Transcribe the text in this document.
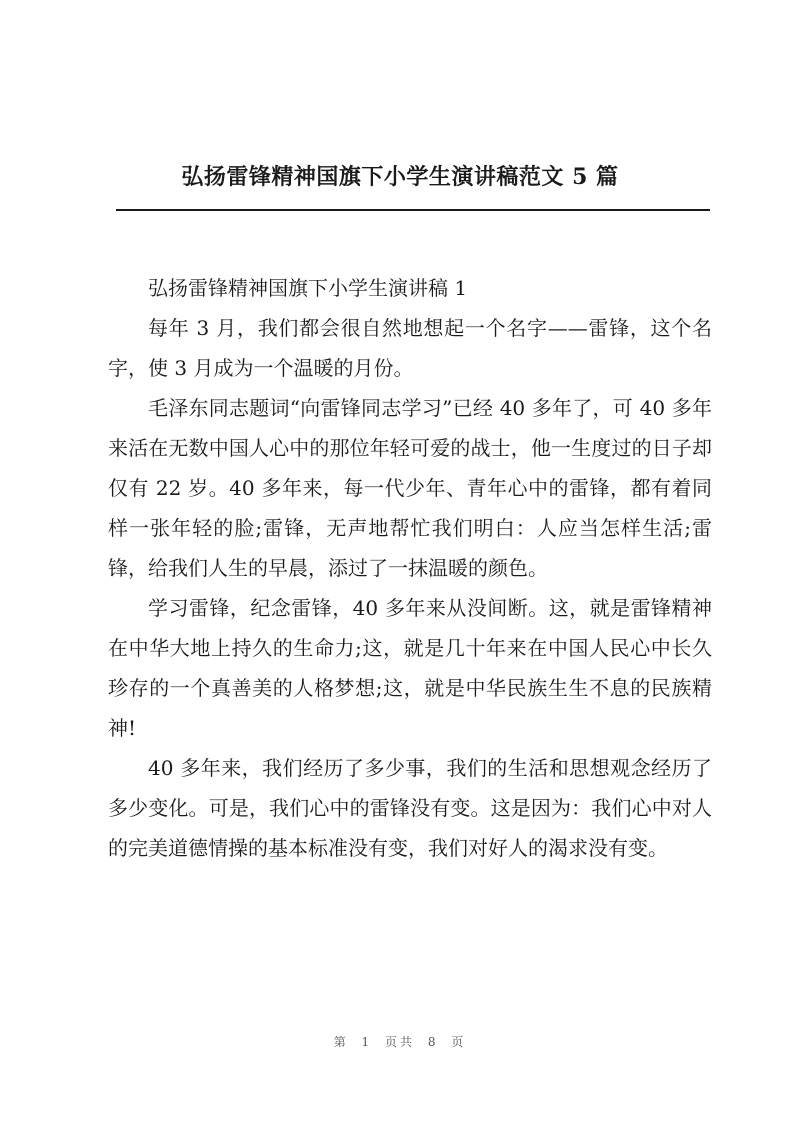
弘扬雷锋精神国旗下小学生演讲稿范文 5 篇

弘扬雷锋精神国旗下小学生演讲稿 1

每年 3 月，我们都会很自然地想起一个名字——雷锋，这个名字，使 3 月成为一个温暖的月份。

毛泽东同志题词“向雷锋同志学习”已经 40 多年了，可 40 多年来活在无数中国人心中的那位年轻可爱的战士，他一生度过的日子却仅有 22 岁。40 多年来，每一代少年、青年心中的雷锋，都有着同样一张年轻的脸;雷锋，无声地帮忙我们明白：人应当怎样生活;雷锋，给我们人生的早晨，添过了一抹温暖的颜色。

学习雷锋，纪念雷锋，40 多年来从没间断。这，就是雷锋精神在中华大地上持久的生命力;这，就是几十年来在中国人民心中长久珍存的一个真善美的人格梦想;这，就是中华民族生生不息的民族精神!

40 多年来，我们经历了多少事，我们的生活和思想观念经历了多少变化。可是，我们心中的雷锋没有变。这是因为：我们心中对人的完美道德情操的基本标准没有变，我们对好人的渴求没有变。

第 1 页共 8 页
